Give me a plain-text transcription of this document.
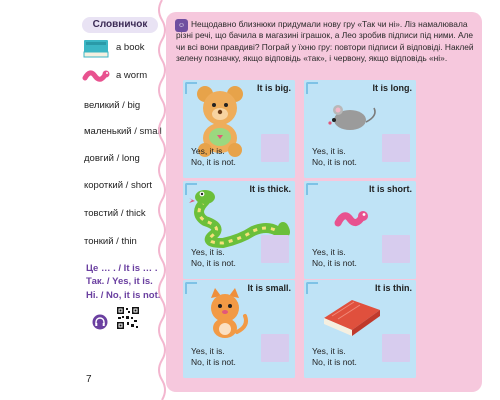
Словничок
a book
a worm
великий / big
маленький / small
довгий / long
короткий / short
товстий / thick
тонкий / thin
Це … . / It is … .
Так. / Yes, it is.
Ні. / No, it is not.
7
☺ Нещодавно близнюки придумали нову гру «Так чи ні». Ліз намалювала різні речі, що бачила в магазині іграшок, а Лео зробив підписи під ними. Але чи всі вони правдиві? Пограй у їхню гру: повтори підписи й відповіді. Наклей зелену позначку, якщо відповідь «так», і червону, якщо відповідь «ні».
It is big.
Yes, it is.
No, it is not.
It is long.
Yes, it is.
No, it is not.
It is thick.
Yes, it is.
No, it is not.
It is short.
Yes, it is.
No, it is not.
It is small.
Yes, it is.
No, it is not.
It is thin.
Yes, it is.
No, it is not.
